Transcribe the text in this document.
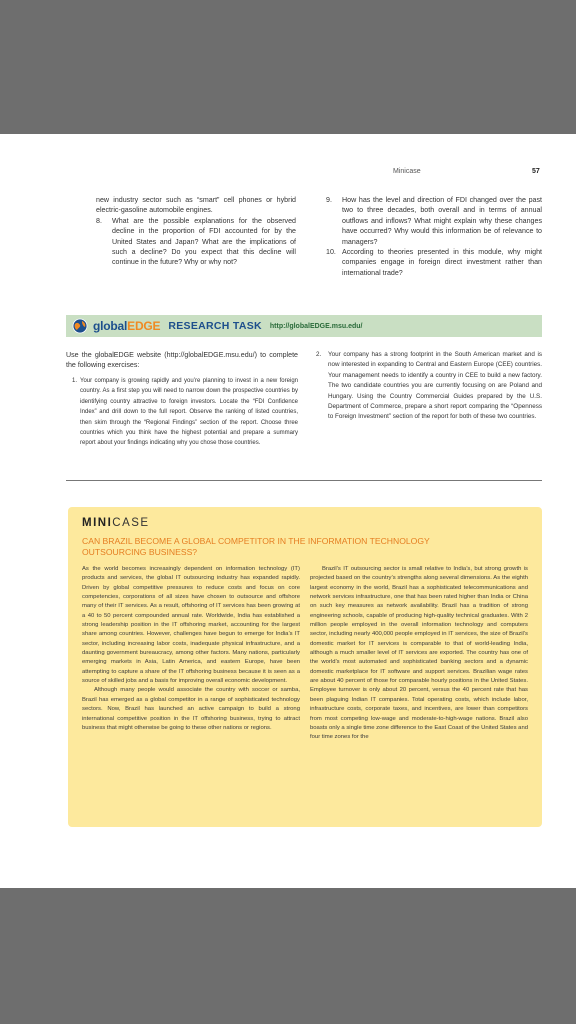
Minicase	57
new industry sector such as “smart” cell phones or hybrid electric-gasoline automobile engines.
8. What are the possible explanations for the observed decline in the proportion of FDI accounted for by the United States and Japan? What are the implications of such a decline? Do you expect that this decline will continue in the future? Why or why not?
9. How has the level and direction of FDI changed over the past two to three decades, both overall and in terms of annual outflows and inflows? What might explain why these changes have occurred? Why would this information be of relevance to managers?
10. According to theories presented in this module, why might companies engage in foreign direct investment rather than international trade?
globalEDGE RESEARCH TASK http://globalEDGE.msu.edu/
Use the globalEDGE website (http://globalEDGE.msu.edu/) to complete the following exercises:
1. Your company is growing rapidly and you’re planning to invest in a new foreign country. As a first step you will need to narrow down the prospective countries by identifying country attractive to foreign investors. Locate the “FDI Confidence Index” and drill down to the full report. Observe the ranking of listed countries, then skim through the “Regional Findings” section of the report. Choose three countries which you think have the highest potential and prepare a summary report about your findings indicating why you chose those countries.
2. Your company has a strong footprint in the South American market and is now interested in expanding to Central and Eastern Europe (CEE) countries. Your management needs to identify a country in CEE to build a new factory. The two candidate countries you are currently focusing on are Poland and Hungary. Using the Country Commercial Guides prepared by the U.S. Department of Commerce, prepare a short report comparing the “Openness to Foreign Investment” section of the report for both of these two countries.
MINICASE
CAN BRAZIL BECOME A GLOBAL COMPETITOR IN THE INFORMATION TECHNOLOGY OUTSOURCING BUSINESS?

As the world becomes increasingly dependent on information technology (IT) products and services, the global IT outsourcing industry has expanded rapidly. Driven by global competitive pressures to reduce costs and focus on core competencies, corporations of all sizes have chosen to outsource and offshore many of their IT services. As a result, offshoring of IT services has been growing at a 40 to 50 percent compounded annual rate. Worldwide, India has established a strong leadership position in the IT offshoring market, accounting for the largest share among countries. However, challenges have begun to emerge for India’s IT sector, including increasing labor costs, inadequate physical infrastructure, and a daunting government bureaucracy, among other factors. Many nations, particularly emerging markets in Asia, Latin America, and eastern Europe, have been attempting to capture a share of the IT offshoring business because it is seen as a source of skilled jobs and a basis for improving overall economic development.

Although many people would associate the country with soccer or samba, Brazil has emerged as a global competitor in a range of sophisticated technology sectors. Now, Brazil has launched an active campaign to build a strong international competitive position in the IT offshoring business, trying to attract business that might otherwise be going to these other nations or regions.

Brazil’s IT outsourcing sector is small relative to India’s, but strong growth is projected based on the country’s strengths along several dimensions. As the eighth largest economy in the world, Brazil has a sophisticated telecommunications and network services infrastructure, one that has been rated higher than India or China on such key measures as network availability. Brazil has a tradition of strong engineering schools, capable of producing high-quality technical graduates. With 2 million people employed in the overall information technology and computers sector, including nearly 400,000 people employed in IT services, the size of Brazil’s domestic market for IT services is comparable to that of world-leading India, although a much smaller level of IT services are exported. The country has one of the world’s most automated and sophisticated banking sectors and a dynamic domestic marketplace for IT software and support services. Brazilian wage rates are about 40 percent of those for comparable hourly positions in the United States. Employee turnover is only about 20 percent, versus the 40 percent rate that has been plaguing Indian IT companies. Total operating costs, which include labor, infrastructure costs, corporate taxes, and incentives, are lower than competitors from most competing low-wage and moderate-to-high-wage nations. Brazil also boasts only a single time zone difference to the East Coast of the United States and four time zones for the
